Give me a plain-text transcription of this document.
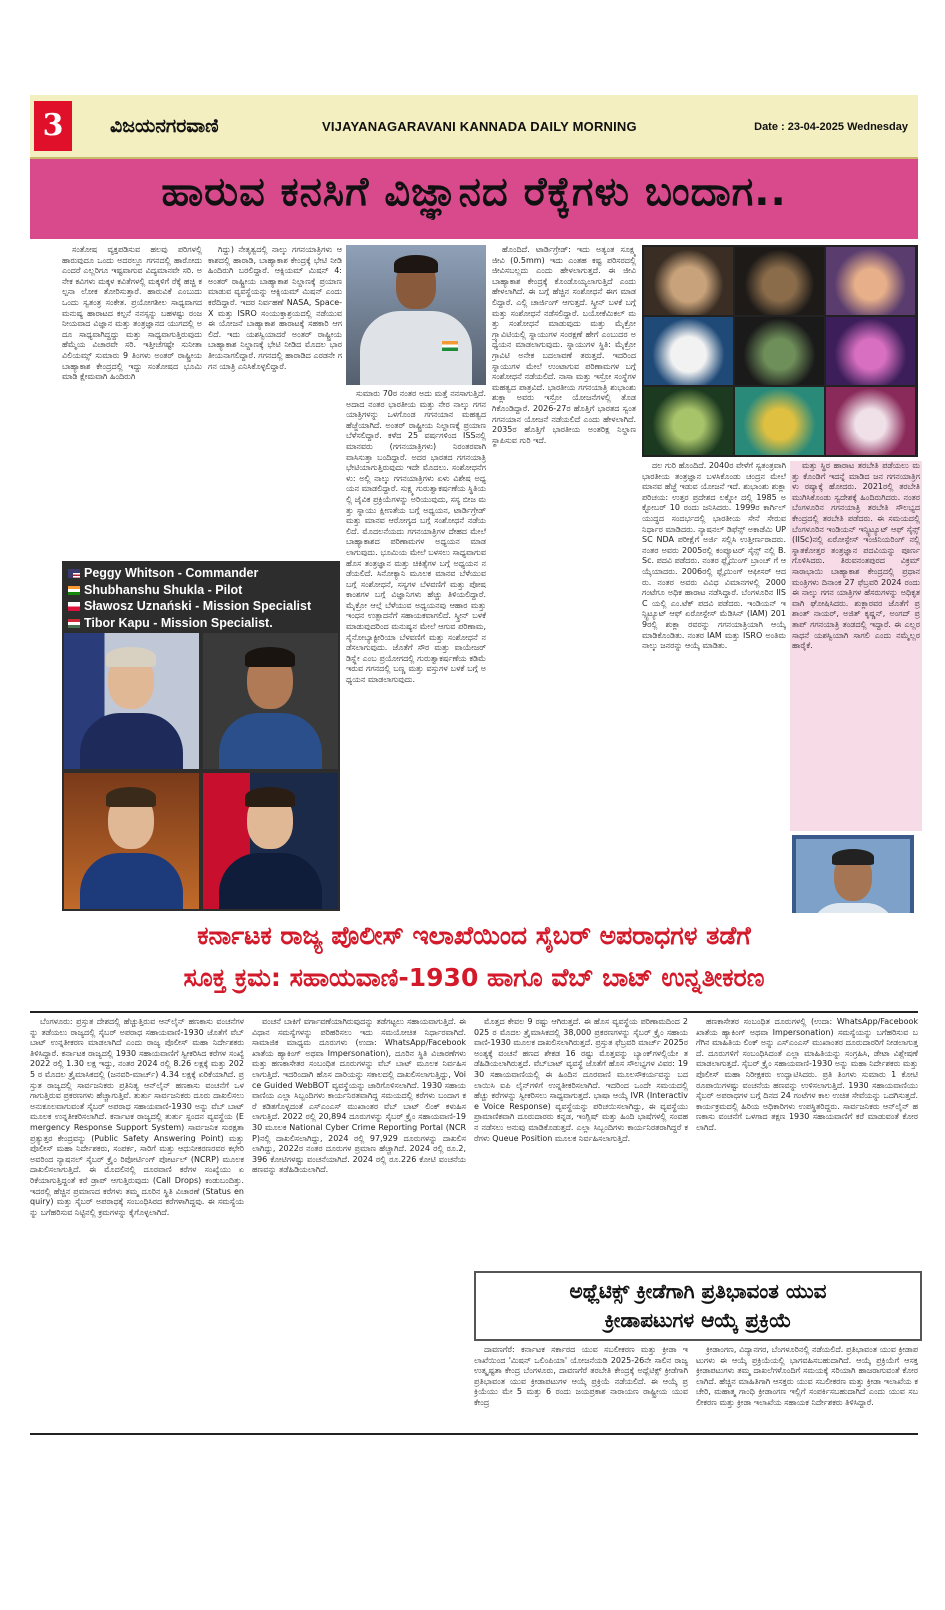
3	ವಿಜಯನಗರವಾಣಿ	VIJAYANAGARAVANI KANNADA DAILY MORNING	Date : 23-04-2025 Wednesday
ಹಾರುವ ಕನಸಿಗೆ ವಿಜ್ಞಾನದ ರೆಕ್ಕೆಗಳು ಬಂದಾಗ..

ಸಂತೋಷ ವ್ಯಕ್ತಪಡಿಸುವ ಹಲವು ಪರಿಗಳಲ್ಲಿ ಹಾರುವುದೂ ಒಂದು ಅದರಲ್ಲೂ ಗಗನದಲ್ಲಿ ಹಾರೋದು ಎಂದರೆ ಎಲ್ಲರಿಗೂ ಇಷ್ಟವಾಗುವ ವಿದ್ಯಮಾನವೇ ಸರಿ. ಅನೇಕ ಕವಿಗಳು ಮಕ್ಕಳ ಕವಿತೆಗಳಲ್ಲಿ ಮಕ್ಕಳಿಗೆ ರೆಕ್ಕೆ ಹಚ್ಚಿ ಕಲ್ಪನಾ ಲೋಕ ತೋರಿಸುತ್ತಾರೆ. ಹಾರುವಿಕೆ ಎಂಬುದು ಒಂದು ಸ್ವತಂತ್ರ ಸಂಕೇತ. ಪ್ರಯೋಗಶೀಲ ಸಾಧ್ಯವಾಗದ ಮನುಷ್ಯ ಹಾರಾಟದ ಕಲ್ಪನೆ ನನಸ್ಸನ್ನು ಬಹಳಷ್ಟು ರಂಜನೀಯವಾದ ವಿಜ್ಞಾನ ಮತ್ತು ತಂತ್ರಜ್ಞಾನದ ಯುಗದಲ್ಲಿ ಅದೂ ಸಾಧ್ಯವಾಗಿದ್ದದ್ದು ಮತ್ತು ಸಾಧ್ಯವಾಗುತ್ತಿರುವುದು ಹೆಮ್ಮೆಯ ವಿಚಾರವೇ ಸರಿ. ಇತ್ತೀಚೆಗಷ್ಟೇ ಸುನೀತಾ ವಿಲಿಯಮ್ಸ್ ಸುಮಾರು 9 ತಿಂಗಳು ಅಂತರ್ ರಾಷ್ಟ್ರೀಯ ಬಾಹ್ಯಾಕಾಶ ಕೇಂದ್ರದಲ್ಲಿ ಇದ್ದು ಸಂತೋಷದ ಭೂಮಿ ಮಾಡಿ ಕ್ಷೇಮವಾಗಿ ಹಿಂದಿರುಗಿ

ಗಿದ್ದು) ನೇತೃತ್ವದಲ್ಲಿ ನಾಲ್ಕು ಗಗನಯಾತ್ರಿಗಳು ಆಕಾಶದಲ್ಲಿ ಹಾರಾಡಿ, ಬಾಹ್ಯಾಕಾಶ ಕೇಂದ್ರಕ್ಕೆ ಭೇಟಿ ನೀಡಿ ಹಿಂದಿರುಗಿ ಬರಲಿದ್ದಾರೆ. ಆಕ್ಸಿಯಮ್ ಮಿಷನ್ 4: ಅಂತರ್ ರಾಷ್ಟ್ರೀಯ ಬಾಹ್ಯಾಕಾಶ ನಿಲ್ದಾಣಕ್ಕೆ ಪ್ರಯಾಣ ಮಾಡುವ ವ್ಯವಸ್ಥೆಯನ್ನು ಆಕ್ಸಿಯಮ್ ಮಿಷನ್ ಎಂದು ಕರೆದಿದ್ದಾರೆ. ಇದರ ನಿರ್ವಹಣೆ NASA, Space-X ಮತ್ತು ISRO ಸಂಯುಕ್ತಾಶ್ರಯದಲ್ಲಿ ನಡೆಯುವ ಈ ಯೋಜನೆ ಬಾಹ್ಯಾಕಾಶ ಹಾರಾಟಕ್ಕೆ ಸಹಕಾರಿ ಆಗಲಿದೆ. ಇದು ಯಶಸ್ವಿಯಾದರೆ ಅಂತರ್ ರಾಷ್ಟ್ರೀಯ ಬಾಹ್ಯಾಕಾಶ ನಿಲ್ದಾಣಕ್ಕೆ ಭೇಟಿ ನೀಡಿದ ಮೊದಲ ಭಾರತೀಯನಾಗಲಿದ್ದಾರೆ. ಗಗನದಲ್ಲಿ ಹಾರಾಡಿದ ಎರಡನೇ ಗಗನ ಯಾತ್ರಿ ಎನಿಸಿಕೊಳ್ಳಲಿದ್ದಾರೆ.

ಸುಮಾರು 70ರ ನಂತರ ಅದು ಮತ್ತೆ ನನಸಾಗುತ್ತಿದೆ. ಅದಾದ ನಂತರ ಭಾರತೀಯ ಮತ್ತು ನೇರ ನಾಲ್ಕು ಗಗನಯಾತ್ರಿಗಳನ್ನು ಒಳಗೊಂಡ ಗಗನಯಾನ ಮಹತ್ವದ ಹೆಜ್ಜೆಯಾಗಿದೆ. ಅಂತರ್ ರಾಷ್ಟ್ರೀಯ ನಿಲ್ದಾಣಕ್ಕೆ ಪ್ರಯಾಣ ಬೆಳೆಸಲಿದ್ದಾರೆ. ಕಳೆದ 25 ವರ್ಷಗಳಿಂದ ISSನಲ್ಲಿ ಮಾನವರು (ಗಗನಯಾತ್ರಿಗಳು) ನಿರಂತರವಾಗಿ ವಾಸಿಸುತ್ತಾ ಬಂದಿದ್ದಾರೆ. ಅದರ ಭಾರತದ ಗಗನಯಾತ್ರಿ ಭೇಟಿಯಾಗುತ್ತಿರುವುದು ಇದೇ ಮೊದಲು. ಸಂಶೋಧನೆಗಳು: ಅಲ್ಲಿ ನಾಲ್ಕು ಗಗನಯಾತ್ರಿಗಳು ಏಳು ವಿಶೇಷ ಅಧ್ಯಯನ ಮಾಡಲಿದ್ದಾರೆ. ಸುಕ್ಷ್ಮ ಗುರುತ್ವಾಕರ್ಷಣೆಯ ಸ್ಥಿತಿಯಲ್ಲಿ ಜೈವಿಕ ಪ್ರಕ್ರಿಯೆಗಳನ್ನು ಅರಿಯುವುದು, ಸಸ್ಯ ಬೀಜ ಮತ್ತು ಸ್ನಾಯು ಕ್ಷೀಣತೆಯ ಬಗ್ಗೆ ಅಧ್ಯಯನ, ಟಾರ್ಡಿಗ್ರೇಡ್ ಮತ್ತು ಮಾನವ ಆರೋಗ್ಯದ ಬಗ್ಗೆ ಸಂಶೋಧನೆ ನಡೆಯಲಿದೆ. ಮೊದಲನೆಯದು ಗಗನಯಾತ್ರಿಗಳ ದೇಹದ ಮೇಲೆ ಬಾಹ್ಯಾಕಾಶದ ಪರಿಣಾಮಗಳ ಅಧ್ಯಯನ ಮಾಡಲಾಗುವುದು. ಭೂಮಿಯ ಮೇಲೆ ಬಳಸಲು ಸಾಧ್ಯವಾಗುವ ಹೊಸ ತಂತ್ರಜ್ಞಾನ ಮತ್ತು ಚಿಕಿತ್ಸೆಗಳ ಬಗ್ಗೆ ಅಧ್ಯಯನ ನಡೆಯಲಿದೆ. ಸಿನೋಕ್ಯಾನಿ ಮೂಲಕ ಮಾನವ ಬೆಳೆಯುವ ಬಗ್ಗೆ ಸಂಶೋಧನೆ, ಸಸ್ಯಗಳ ಬೆಳವಣಿಗೆ ಮತ್ತು ಪೋಷಕಾಂಶಗಳ ಬಗ್ಗೆ ವಿಜ್ಞಾನಿಗಳು ಹೆಚ್ಚು ತಿಳಿಯಲಿದ್ದಾರೆ. ಮೈಕ್ರೋ ಆಲ್ಗೆ ಬೆಳೆಯುವ ಅಧ್ಯಯನವು ಆಹಾರ ಮತ್ತು ಇಂಧನ ಉತ್ಪಾದನೆಗೆ ಸಹಾಯಕವಾಗಲಿದೆ. ಸ್ಕ್ರೀನ್ ಬಳಕೆ ಮಾಡುವುದರಿಂದ ಮನುಷ್ಯನ ಮೇಲೆ ಆಗುವ ಪರಿಣಾಮ, ಸೈನೋಬ್ಯಾಕ್ಟೀರಿಯಾ ಬೆಳವಣಿಗೆ ಮತ್ತು ಸಂಶೋಧನೆ ನಡೆಸಲಾಗುವುದು. ಜೊತೆಗೆ ಸೌರ ಮತ್ತು ವಾಯೇಜರ್ ಡಿಸ್ಪ್ಲೇ ಎಂಬ ಪ್ರಯೋಗದಲ್ಲಿ ಗುರುತ್ವಾಕರ್ಷಣೆಯ ಕಡಿಮೆ ಇರುವ ಗಗನದಲ್ಲಿ ಬಣ್ಣ ಮತ್ತು ವಸ್ತುಗಳ ಬಳಕೆ ಬಗ್ಗೆ ಅಧ್ಯಯನ ಮಾಡಲಾಗುವುದು.

ಹೊಂದಿದೆ. ಟಾರ್ಡಿಗ್ರೇಡ್: ಇದು ಅತ್ಯಂತ ಸೂಕ್ಷ್ಮ ಜೀವಿ (0.5mm) ಇದು ಎಂತಹ ಕಷ್ಟ ಪರಿಸರದಲ್ಲಿ ಜೀವಿಸಬಲ್ಲದು ಎಂದು ಹೇಳಲಾಗುತ್ತದೆ. ಈ ಜೀವಿ ಬಾಹ್ಯಾಕಾಶ ಕೇಂದ್ರಕ್ಕೆ ಕೊಂಡೊಯ್ಯಲಾಗುತ್ತಿದೆ ಎಂದು ಹೇಳಲಾಗಿದೆ. ಈ ಬಗ್ಗೆ ಹೆಚ್ಚಿನ ಸಂಶೋಧನೆ ಈಗ ಮಾಡಲಿದ್ದಾರೆ. ಎಲ್ಲಿ ಚಾರ್ಜಿಂಗ್ ಆಗುತ್ತದೆ. ಸ್ಕ್ರೀನ್ ಬಳಕೆ ಬಗ್ಗೆ ಮತ್ತು ಸಂಶೋಧನೆ ನಡೆಸಲಿದ್ದಾರೆ. ಬಯೋಕೆಮಿಕಲ್ ಮತ್ತು ಸಂಶೋಧನೆ ಮಾಡುವುದು ಮತ್ತು ಮೈಕ್ರೋ ಗ್ರ್ಯಾವಿಟಿಯಲ್ಲಿ ಸ್ನಾಯುಗಳ ಸಂರಕ್ಷಣೆ ಹೇಗೆ ಎಂಬುದರ ಅಧ್ಯಯನ ಮಾಡಲಾಗುವುದು. ಸ್ನಾಯುಗಳ ಸ್ಥಿತಿ: ಮೈಕ್ರೋ ಗ್ರಾವಿಟಿ ಅನೇಕ ಬದಲಾವಣೆ ತರುತ್ತದೆ. ಇದರಿಂದ ಸ್ನಾಯುಗಳ ಮೇಲೆ ಉಂಟಾಗುವ ಪರಿಣಾಮಗಳ ಬಗ್ಗೆ ಸಂಶೋಧನೆ ನಡೆಯಲಿದೆ. ನಾಸಾ ಮತ್ತು ಇಸ್ರೋ ಸಂಸ್ಥೆಗಳ ಮಹತ್ವದ ಪಾತ್ರವಿದೆ. ಭಾರತೀಯ ಗಗನಯಾತ್ರಿ ಶುಭಾಂಶು ಶುಕ್ಲಾ ಅವರು ಇಸ್ರೋ ಯೋಜನೆಗಳಲ್ಲಿ ತೊಡಗಿಕೊಂಡಿದ್ದಾರೆ. 2026-27ರ ಹೊತ್ತಿಗೆ ಭಾರತದ ಸ್ವಂತ ಗಗನಯಾನ ಯೋಜನೆ ನಡೆಯಲಿದೆ ಎಂದು ಹೇಳಲಾಗಿದೆ. 2035ರ ಹೊತ್ತಿಗೆ ಭಾರತೀಯ ಅಂತರಿಕ್ಷ ನಿಲ್ದಾಣ ಸ್ಥಾಪಿಸುವ ಗುರಿ ಇದೆ.

ದಲ ಗುರಿ ಹೊಂದಿದೆ. 2040ರ ವೇಳೆಗೆ ಸ್ವತಂತ್ರವಾಗಿ ಭಾರತೀಯ ತಂತ್ರಜ್ಞಾನ ಬಳಸಿಕೊಂಡು ಚಂದ್ರನ ಮೇಲೆ ಮಾನವ ಹೆಜ್ಜೆ ಇಡುವ ಯೋಜನೆ ಇದೆ. ಶುಭಾಂಶು ಶುಕ್ಲಾ ಪರಿಚಯ: ಉತ್ತರ ಪ್ರದೇಶದ ಲಕ್ನೋ ದಲ್ಲಿ 1985 ಅಕ್ಟೋಬರ್ 10 ರಂದು ಜನಿಸಿದರು. 1999ರ ಕಾರ್ಗಿಲ್ ಯುದ್ಧದ ಸಂದರ್ಭದಲ್ಲಿ ಭಾರತೀಯ ಸೇನೆ ಸೇರುವ ನಿರ್ಧಾರ ಮಾಡಿದರು. ನ್ಯಾಷನಲ್ ಡಿಫೆನ್ಸ್ ಅಕಾಡೆಮಿ UPSC NDA ಪರೀಕ್ಷೆಗೆ ಅರ್ಜಿ ಸಲ್ಲಿಸಿ ಉತ್ತೀರ್ಣರಾದರು. ನಂತರ ಅವರು 2005ರಲ್ಲಿ ಕಂಪ್ಯೂಟರ್ ಸೈನ್ಸ್ ನಲ್ಲಿ B.Sc. ಪದವಿ ಪಡೆದರು. ನಂತರ ಫ್ಲೈಯಿಂಗ್ ಬ್ರಾಂಚ್ ಗೆ ಆಯ್ಕೆಯಾದರು. 2006ರಲ್ಲಿ ಫ್ಲೈಯಿಂಗ್ ಆಫೀಸರ್ ಆದರು. ನಂತರ ಅವರು ವಿವಿಧ ವಿಮಾನಗಳಲ್ಲಿ 2000ಗಂಟೆಗೂ ಅಧಿಕ ಹಾರಾಟ ನಡೆಸಿದ್ದಾರೆ. ಬೆಂಗಳೂರಿನ IISC ಯಲ್ಲಿ ಎಂ.ಟೆಕ್ ಪದವಿ ಪಡೆದರು. ಇಂಡಿಯನ್ ಇನ್ಸ್ಟಿಟ್ಯೂಟ್ ಆಫ್ ಏರೋಸ್ಪೇಸ್ ಮೆಡಿಸಿನ್ (IAM) 2019ರಲ್ಲಿ ಶುಕ್ಲಾ ರವರನ್ನು ಗಗನಯಾತ್ರಿಯಾಗಿ ಆಯ್ಕೆ ಮಾಡಿಕೊಂಡಿತು. ನಂತರ IAM ಮತ್ತು ISRO ಅಂತಿಮ ನಾಲ್ಕು ಜನರನ್ನು ಆಯ್ಕೆ ಮಾಡಿತು.

ಮತ್ತು ಸ್ಥಿರ ಹಾರಾಟ ತರಬೇತಿ ಪಡೆಯಲು ಮತ್ತು ಕೊಂಡಿಗೆ ಇದನ್ನೆ ಮಾಡಿದ ಜನ ಗಗನಯಾತ್ರಿಗಳು ರಷ್ಯಾಕ್ಕೆ ಹೋದರು. 2021ರಲ್ಲಿ ತರಬೇತಿ ಮುಗಿಸಿಕೊಂಡು ಸ್ವದೇಶಕ್ಕೆ ಹಿಂದಿರುಗಿದರು. ನಂತರ ಬೆಂಗಳೂರಿನ ಗಗನಯಾತ್ರಿ ತರಬೇತಿ ಸೌಲಭ್ಯದ ಕೇಂದ್ರದಲ್ಲಿ ತರಬೇತಿ ಪಡೆದರು. ಈ ಸಮಯದಲ್ಲಿ ಬೆಂಗಳೂರಿನ ಇಂಡಿಯನ್ ಇನ್ಸ್ಟಿಟ್ಯೂಟ್ ಆಫ್ ಸೈನ್ಸ್ (IISc)ನಲ್ಲಿ ಏರೋಸ್ಪೇಸ್ ಇಂಜಿನಿಯರಿಂಗ್ ನಲ್ಲಿ ಸ್ನಾತಕೋತ್ತರ ತಂತ್ರಜ್ಞಾನ ಪದವಿಯನ್ನು ಪೂರ್ಣಗೊಳಿಸಿದರು. ತಿರುವನಂತಪುರದ ವಿಕ್ರಮ್ ಸಾರಾಭಾಯಿ ಬಾಹ್ಯಾಕಾಶ ಕೇಂದ್ರದಲ್ಲಿ ಪ್ರಧಾನ ಮಂತ್ರಿಗಳು ದಿನಾಂಕ 27 ಫೆಬ್ರವರಿ 2024 ರಂದು ಈ ನಾಲ್ಕು ಗಗನ ಯಾತ್ರಿಗಳ ಹೆಸರುಗಳನ್ನು ಅಧಿಕೃತವಾಗಿ ಘೋಷಿಸಿದರು. ಶುಕ್ಲಾರವರ ಜೊತೆಗೆ ಪ್ರಶಾಂತ್ ನಾಯರ್, ಅಜಿತ್ ಕೃಷ್ಣನ್, ಅಂಗದ್ ಪ್ರತಾಪ್ ಗಗನಯಾತ್ರಿ ತಂಡದಲ್ಲಿ ಇದ್ದಾರೆ. ಈ ಎಲ್ಲರ ಸಾಧನೆ ಯಶಸ್ವಿಯಾಗಿ ಸಾಗಲಿ ಎಂದು ನಮ್ಮೆಲ್ಲರ ಹಾರೈಕೆ.

Peggy Whitson - Commander
Shubhanshu Shukla - Pilot
Sławosz Uznański - Mission Specialist
Tibor Kapu - Mission Specialist.

ಕರ್ನಾಟಕ ರಾಜ್ಯ ಪೊಲೀಸ್ ಇಲಾಖೆಯಿಂದ ಸೈಬರ್ ಅಪರಾಧಗಳ ತಡೆಗೆ
ಸೂಕ್ತ ಕ್ರಮ: ಸಹಾಯವಾಣಿ-1930 ಹಾಗೂ ವೆಬ್ ಬಾಟ್ ಉನ್ನತೀಕರಣ

ಬೆಂಗಳೂರು: ಪ್ರಸ್ತುತ ದೇಶದಲ್ಲಿ ಹೆಚ್ಚುತ್ತಿರುವ ಆನ್‌ಲೈನ್ ಹಣಕಾಸು ವಂಚನೆಗಳನ್ನು ತಡೆಯಲು ರಾಜ್ಯದಲ್ಲಿ ಸೈಬರ್ ಅಪರಾಧ ಸಹಾಯವಾಣಿ-1930 ಜೊತೆಗೆ ವೆಬ್ ಬಾಟ್ ಉನ್ನತೀಕರಣ ಮಾಡಲಾಗಿದೆ ಎಂದು ರಾಜ್ಯ ಪೊಲೀಸ್ ಮಹಾ ನಿರ್ದೇಶಕರು ತಿಳಿಸಿದ್ದಾರೆ. ಕರ್ನಾಟಕ ರಾಜ್ಯದಲ್ಲಿ 1930 ಸಹಾಯವಾಣಿಗೆ ಸ್ವೀಕರಿಸಿದ ಕರೆಗಳ ಸಂಖ್ಯೆ 2022 ರಲ್ಲಿ 1.30 ಲಕ್ಷ ಇದ್ದು, ನಂತರ 2024 ರಲ್ಲಿ 8.26 ಲಕ್ಷಕ್ಕೆ ಮತ್ತು 2025 ರ ಮೊದಲ ತ್ರೈಮಾಸಿಕದಲ್ಲಿ (ಜನವರಿ-ಮಾರ್ಚ್) 4.34 ಲಕ್ಷಕ್ಕೆ ಏರಿಕೆಯಾಗಿದೆ. ಪ್ರಸ್ತುತ ರಾಜ್ಯದಲ್ಲಿ ಸಾರ್ವಜನಿಕರು ಪ್ರತಿನಿತ್ಯ ಆನ್‌ಲೈನ್ ಹಣಕಾಸು ವಂಚನೆಗೆ ಒಳಗಾಗುತ್ತಿರುವ ಪ್ರಕರಣಗಳು ಹೆಚ್ಚಾಗುತ್ತಿವೆ. ತುರ್ತು ಸಾರ್ವಜನಿಕರು ದೂರು ದಾಖಲಿಸಲು ಅನುಕೂಲವಾಗುವಂತೆ ಸೈಬರ್ ಅಪರಾಧ ಸಹಾಯವಾಣಿ-1930 ಅನ್ನು ವೆಬ್ ಬಾಟ್ ಮೂಲಕ ಉನ್ನತೀಕರಿಸಲಾಗಿದೆ. ಕರ್ನಾಟಕ ರಾಜ್ಯದಲ್ಲಿ ತುರ್ತು ಸ್ಪಂದನ ವ್ಯವಸ್ಥೆಯ (Emergency Response Support System) ಸಾರ್ವಜನಿಕ ಸುರಕ್ಷತಾ ಪ್ರತ್ಯುತ್ತರ ಕೇಂದ್ರವನ್ನು (Public Safety Answering Point) ಮತ್ತು ಪೊಲೀಸ್ ಮಹಾ ನಿರ್ದೇಶಕರು, ಸಂಪರ್ಕ, ಸಾರಿಗೆ ಮತ್ತು ಆಧುನೀಕರಣರವರ ಕಛೇರಿ ಅವರಿಂದ ನ್ಯಾಷನಲ್ ಸೈಬರ್ ಕ್ರೈಂ ರಿಪೋರ್ಟಿಂಗ್ ಪೋರ್ಟಲ್ (NCRP) ಮೂಲಕ ದಾಖಲಿಸಲಾಗುತ್ತಿದೆ. ಈ ಮೊದಲಿನಲ್ಲಿ ದೂರವಾಣಿ ಕರೆಗಳ ಸಂಖ್ಯೆಯು ಏರಿಕೆಯಾಗುತ್ತಿದ್ದಂತೆ ಕರೆ ಡ್ರಾಪ್ ಆಗುತ್ತಿರುವುದು (Call Drops) ಕಂಡುಬಂದಿತ್ತು. ಇದರಲ್ಲಿ ಹೆಚ್ಚಿನ ಪ್ರಮಾಣದ ಕರೆಗಳು ತಮ್ಮ ದೂರಿನ ಸ್ಥಿತಿ ವಿಚಾರಣೆ (Status enquiry) ಮತ್ತು ಸೈಬರ್ ಅಪರಾಧಕ್ಕೆ ಸಂಬಂಧಿಸಿರದ ಕರೆಗಳಾಗಿದ್ದವು. ಈ ಸಮಸ್ಯೆಯನ್ನು ಬಗೆಹರಿಸುವ ನಿಟ್ಟಿನಲ್ಲಿ ಕ್ರಮಗಳನ್ನು ಕೈಗೊಳ್ಳಲಾಗಿದೆ.

ವಂಚನೆ ಬಾಕಿಗೆ ವರ್ಗಾವಣೆಯಾಗಿರುವುದನ್ನು ತಡೆಗಟ್ಟಲು ಸಹಾಯವಾಗುತ್ತಿದೆ. ಈ ವಿಧಾನ ಸಮಸ್ಯೆಗಳನ್ನು ಪರಿಹರಿಸಲು ಇದು ಸಮಯೋಚಿತ ನಿರ್ಧಾರವಾಗಿದೆ. ಸಾಮಾಜಿಕ ಮಾಧ್ಯಮ ದೂರುಗಳು (ಉದಾ: WhatsApp/Facebook ಖಾತೆಯ ಹ್ಯಾಕಿಂಗ್ ಅಥವಾ Impersonation), ದೂರಿನ ಸ್ಥಿತಿ ವಿಚಾರಣೆಗಳು ಮತ್ತು ಹಣಕಾಸೇತರ ಸಂಬಂಧಿತ ದೂರುಗಳನ್ನು ವೆಬ್ ಬಾಟ್ ಮೂಲಕ ನಿರ್ವಹಿಸಲಾಗುತ್ತಿದೆ. ಇದರಿಂದಾಗಿ ಹೊಸ ದಾರಿಯನ್ನು ಸಕಾಲದಲ್ಲಿ ದಾಖಲಿಸಲಾಗುತ್ತಿದ್ದು, Voice Guided WebBOT ವ್ಯವಸ್ಥೆಯನ್ನು ಜಾರಿಗೊಳಿಸಲಾಗಿದೆ. 1930 ಸಹಾಯವಾಣಿಯ ಎಲ್ಲಾ ಸಿಬ್ಬಂದಿಗಳು ಕಾರ್ಯನಿರತವಾಗಿದ್ದ ಸಮಯದಲ್ಲಿ ಕರೆಗಳು ಬಂದಾಗ ಕರೆ ಕಡಿತಗೊಳ್ಳದಂತೆ ಎಸ್‌ಎಂಎಸ್ ಮುಖಾಂತರ ವೆಬ್ ಬಾಟ್ ಲಿಂಕ್ ಕಳುಹಿಸಲಾಗುತ್ತಿದೆ. 2022 ರಲ್ಲಿ 20,894 ದೂರುಗಳನ್ನು ಸೈಬರ್ ಕ್ರೈಂ ಸಹಾಯವಾಣಿ-1930 ಮೂಲಕ National Cyber Crime Reporting Portal (NCRP)ನಲ್ಲಿ ದಾಖಲಿಸಲಾಗಿದ್ದು, 2024 ರಲ್ಲಿ 97,929 ದೂರುಗಳನ್ನು ದಾಖಲಿಸಲಾಗಿದ್ದು, 2022ರ ನಂತರ ದೂರುಗಳ ಪ್ರಮಾಣ ಹೆಚ್ಚಾಗಿದೆ. 2024 ರಲ್ಲಿ ರೂ.2,396 ಕೋಟಿಗಳಷ್ಟು ವಂಚನೆಯಾಗಿದೆ. 2024 ರಲ್ಲಿ ರೂ.226 ಕೋಟಿ ವಂಚನೆಯ ಹಣವನ್ನು ತಡೆಹಿಡಿಯಲಾಗಿದೆ.

ಮೊತ್ತದ ಕೇವಲ 9 ರಷ್ಟು ಆಗಿರುತ್ತದೆ. ಈ ಹೊಸ ವ್ಯವಸ್ಥೆಯ ಪರಿಣಾಮದಿಂದ 2025 ರ ಮೊದಲ ತ್ರೈಮಾಸಿಕದಲ್ಲಿ 38,000 ಪ್ರಕರಣಗಳನ್ನು ಸೈಬರ್ ಕ್ರೈಂ ಸಹಾಯವಾಣಿ-1930 ಮೂಲಕ ದಾಖಲಿಸಲಾಗಿರುತ್ತದೆ. ಪ್ರಸ್ತುತ ಫೆಬ್ರವರಿ ಮಾರ್ಚ್ 2025ರ ಅಂತ್ಯಕ್ಕೆ ವಂಚನೆ ಹಣದ ಶೇಕಡ 16 ರಷ್ಟು ಮೊತ್ತವನ್ನು ಬ್ಯಾಂಕ್‌ಗಳಲ್ಲಿಯೇ ತಡೆಹಿಡಿಯಲಾಗಿರುತ್ತದೆ. ವೆಬ್‌ಬಾಟ್ ವ್ಯವಸ್ಥೆ ಜೊತೆಗೆ ಹೊಸ ಸೌಲಭ್ಯಗಳ ವಿವರ: 1930 ಸಹಾಯವಾಣಿಯಲ್ಲಿ ಈ ಹಿಂದಿನ ದೂರವಾಣಿ ಮೂಲಸೌಕರ್ಯವನ್ನು ಬದಲಾಯಿಸಿ ಐಪಿ ಲೈನ್‌ಗಳಿಗೆ ಉನ್ನತೀಕರಿಸಲಾಗಿದೆ. ಇದರಿಂದ ಒಂದೇ ಸಮಯದಲ್ಲಿ ಹೆಚ್ಚು ಕರೆಗಳನ್ನು ಸ್ವೀಕರಿಸಲು ಸಾಧ್ಯವಾಗುತ್ತದೆ. ಭಾಷಾ ಆಯ್ಕೆ IVR (Interactive Voice Response) ವ್ಯವಸ್ಥೆಯನ್ನು ಪರಿಚಯಿಸಲಾಗಿದ್ದು, ಈ ವ್ಯವಸ್ಥೆಯು ಪ್ರಾಮಾಣಿಕವಾಗಿ ದೂರುದಾರರು ಕನ್ನಡ, ಇಂಗ್ಲಿಷ್ ಮತ್ತು ಹಿಂದಿ ಭಾಷೆಗಳಲ್ಲಿ ಸಂವಹನ ನಡೆಸಲು ಅನುವು ಮಾಡಿಕೊಡುತ್ತದೆ. ಎಲ್ಲಾ ಸಿಬ್ಬಂದಿಗಳು ಕಾರ್ಯನಿರತರಾಗಿದ್ದರೆ ಕರೆಗಳು Queue Position ಮೂಲಕ ನಿರ್ವಹಿಸಲಾಗುತ್ತಿದೆ.

ಹಣಕಾಸೇತರ ಸಂಬಂಧಿತ ದೂರುಗಳಲ್ಲಿ (ಉದಾ: WhatsApp/Facebook ಖಾತೆಯ ಹ್ಯಾಕಿಂಗ್ ಅಥವಾ Impersonation) ಸಮಸ್ಯೆಯನ್ನು ಬಗೆಹರಿಸುವ ಬಗೆಗಿನ ಮಾಹಿತಿಯ ಲಿಂಕ್ ಅನ್ನು ಎಸ್‌ಎಂಎಸ್ ಮುಖಾಂತರ ದೂರುದಾರರಿಗೆ ನೀಡಲಾಗುತ್ತದೆ. ದೂರುಗಳಿಗೆ ಸಂಬಂಧಿಸಿದಂತೆ ಎಲ್ಲಾ ಮಾಹಿತಿಯನ್ನು ಸಂಗ್ರಹಿಸಿ, ಡೇಟಾ ವಿಶ್ಲೇಷಣೆ ಮಾಡಲಾಗುತ್ತದೆ. ಸೈಬರ್ ಕ್ರೈಂ ಸಹಾಯವಾಣಿ-1930 ಅನ್ನು ಮಹಾ ನಿರ್ದೇಶಕರು ಮತ್ತು ಪೊಲೀಸ್ ಮಹಾ ನಿರೀಕ್ಷಕರು ಉದ್ಘಾಟಿಸಿದರು. ಪ್ರತಿ ತಿಂಗಳು ಸುಮಾರು 1 ಕೋಟಿ ರೂಪಾಯಿಗಳಷ್ಟು ವಂಚನೆಯ ಹಣವನ್ನು ಉಳಿಸಲಾಗುತ್ತಿದೆ. 1930 ಸಹಾಯವಾಣಿಯು ಸೈಬರ್ ಅಪರಾಧಗಳ ಬಗ್ಗೆ ದಿನದ 24 ಗಂಟೆಗಳ ಕಾಲ ಉಚಿತ ಸೇವೆಯನ್ನು ಒದಗಿಸುತ್ತದೆ. ಕಾರ್ಯಕ್ರಮದಲ್ಲಿ ಹಿರಿಯ ಅಧಿಕಾರಿಗಳು ಉಪಸ್ಥಿತರಿದ್ದರು. ಸಾರ್ವಜನಿಕರು ಆನ್‌ಲೈನ್ ಹಣಕಾಸು ವಂಚನೆಗೆ ಒಳಗಾದ ತಕ್ಷಣ 1930 ಸಹಾಯವಾಣಿಗೆ ಕರೆ ಮಾಡುವಂತೆ ಕೋರಲಾಗಿದೆ.

ಅಥ್ಲೆಟಿಕ್ಸ್ ಕ್ರೀಡೆಗಾಗಿ ಪ್ರತಿಭಾವಂತ ಯುವ
ಕ್ರೀಡಾಪಟುಗಳ ಆಯ್ಕೆ ಪ್ರಕ್ರಿಯೆ

ದಾವಣಗೆರೆ: ಕರ್ನಾಟಕ ಸರ್ಕಾರದ ಯುವ ಸಬಲೀಕರಣ ಮತ್ತು ಕ್ರೀಡಾ ಇಲಾಖೆಯಿಂದ 'ಮಿಷನ್ ಒಲಿಂಪಿಯಾ' ಯೋಜನೆಯಡಿ 2025-26ನೇ ಸಾಲಿನ ರಾಜ್ಯ ಉತ್ಕೃಷ್ಟತಾ ಕೇಂದ್ರ ಬೆಂಗಳೂರು, ದಾವಣಗೆರೆ ತರಬೇತಿ ಕೇಂದ್ರಕ್ಕೆ ಅಥ್ಲೆಟಿಕ್ಸ್ ಕ್ರೀಡೆಗಾಗಿ ಪ್ರತಿಭಾವಂತ ಯುವ ಕ್ರೀಡಾಪಟುಗಳ ಆಯ್ಕೆ ಪ್ರಕ್ರಿಯೆ ನಡೆಯಲಿದೆ. ಈ ಆಯ್ಕೆ ಪ್ರಕ್ರಿಯೆಯು ಮೇ 5 ಮತ್ತು 6 ರಂದು ಜಯಪ್ರಕಾಶ ನಾರಾಯಣ ರಾಷ್ಟ್ರೀಯ ಯುವ ಕೇಂದ್ರ

ಕ್ರೀಡಾಂಗಣ, ವಿದ್ಯಾನಗರ, ಬೆಂಗಳೂರಿನಲ್ಲಿ ನಡೆಯಲಿದೆ. ಪ್ರತಿಭಾವಂತ ಯುವ ಕ್ರೀಡಾಪಟುಗಳು ಈ ಆಯ್ಕೆ ಪ್ರಕ್ರಿಯೆಯಲ್ಲಿ ಭಾಗವಹಿಸಬಹುದಾಗಿದೆ. ಆಯ್ಕೆ ಪ್ರಕ್ರಿಯೆಗೆ ಆಸಕ್ತ ಕ್ರೀಡಾಪಟುಗಳು ತಮ್ಮ ದಾಖಲೆಗಳೊಂದಿಗೆ ಸಮಯಕ್ಕೆ ಸರಿಯಾಗಿ ಹಾಜರಾಗುವಂತೆ ಕೋರಲಾಗಿದೆ. ಹೆಚ್ಚಿನ ಮಾಹಿತಿಗಾಗಿ ಆಸಕ್ತರು ಯುವ ಸಬಲೀಕರಣ ಮತ್ತು ಕ್ರೀಡಾ ಇಲಾಖೆಯ ಕಚೇರಿ, ಮಹಾತ್ಮ ಗಾಂಧಿ ಕ್ರೀಡಾಂಗಣ ಇಲ್ಲಿಗೆ ಸಂಪರ್ಕಿಸಬಹುದಾಗಿದೆ ಎಂದು ಯುವ ಸಬಲೀಕರಣ ಮತ್ತು ಕ್ರೀಡಾ ಇಲಾಖೆಯ ಸಹಾಯಕ ನಿರ್ದೇಶಕರು ತಿಳಿಸಿದ್ದಾರೆ.
